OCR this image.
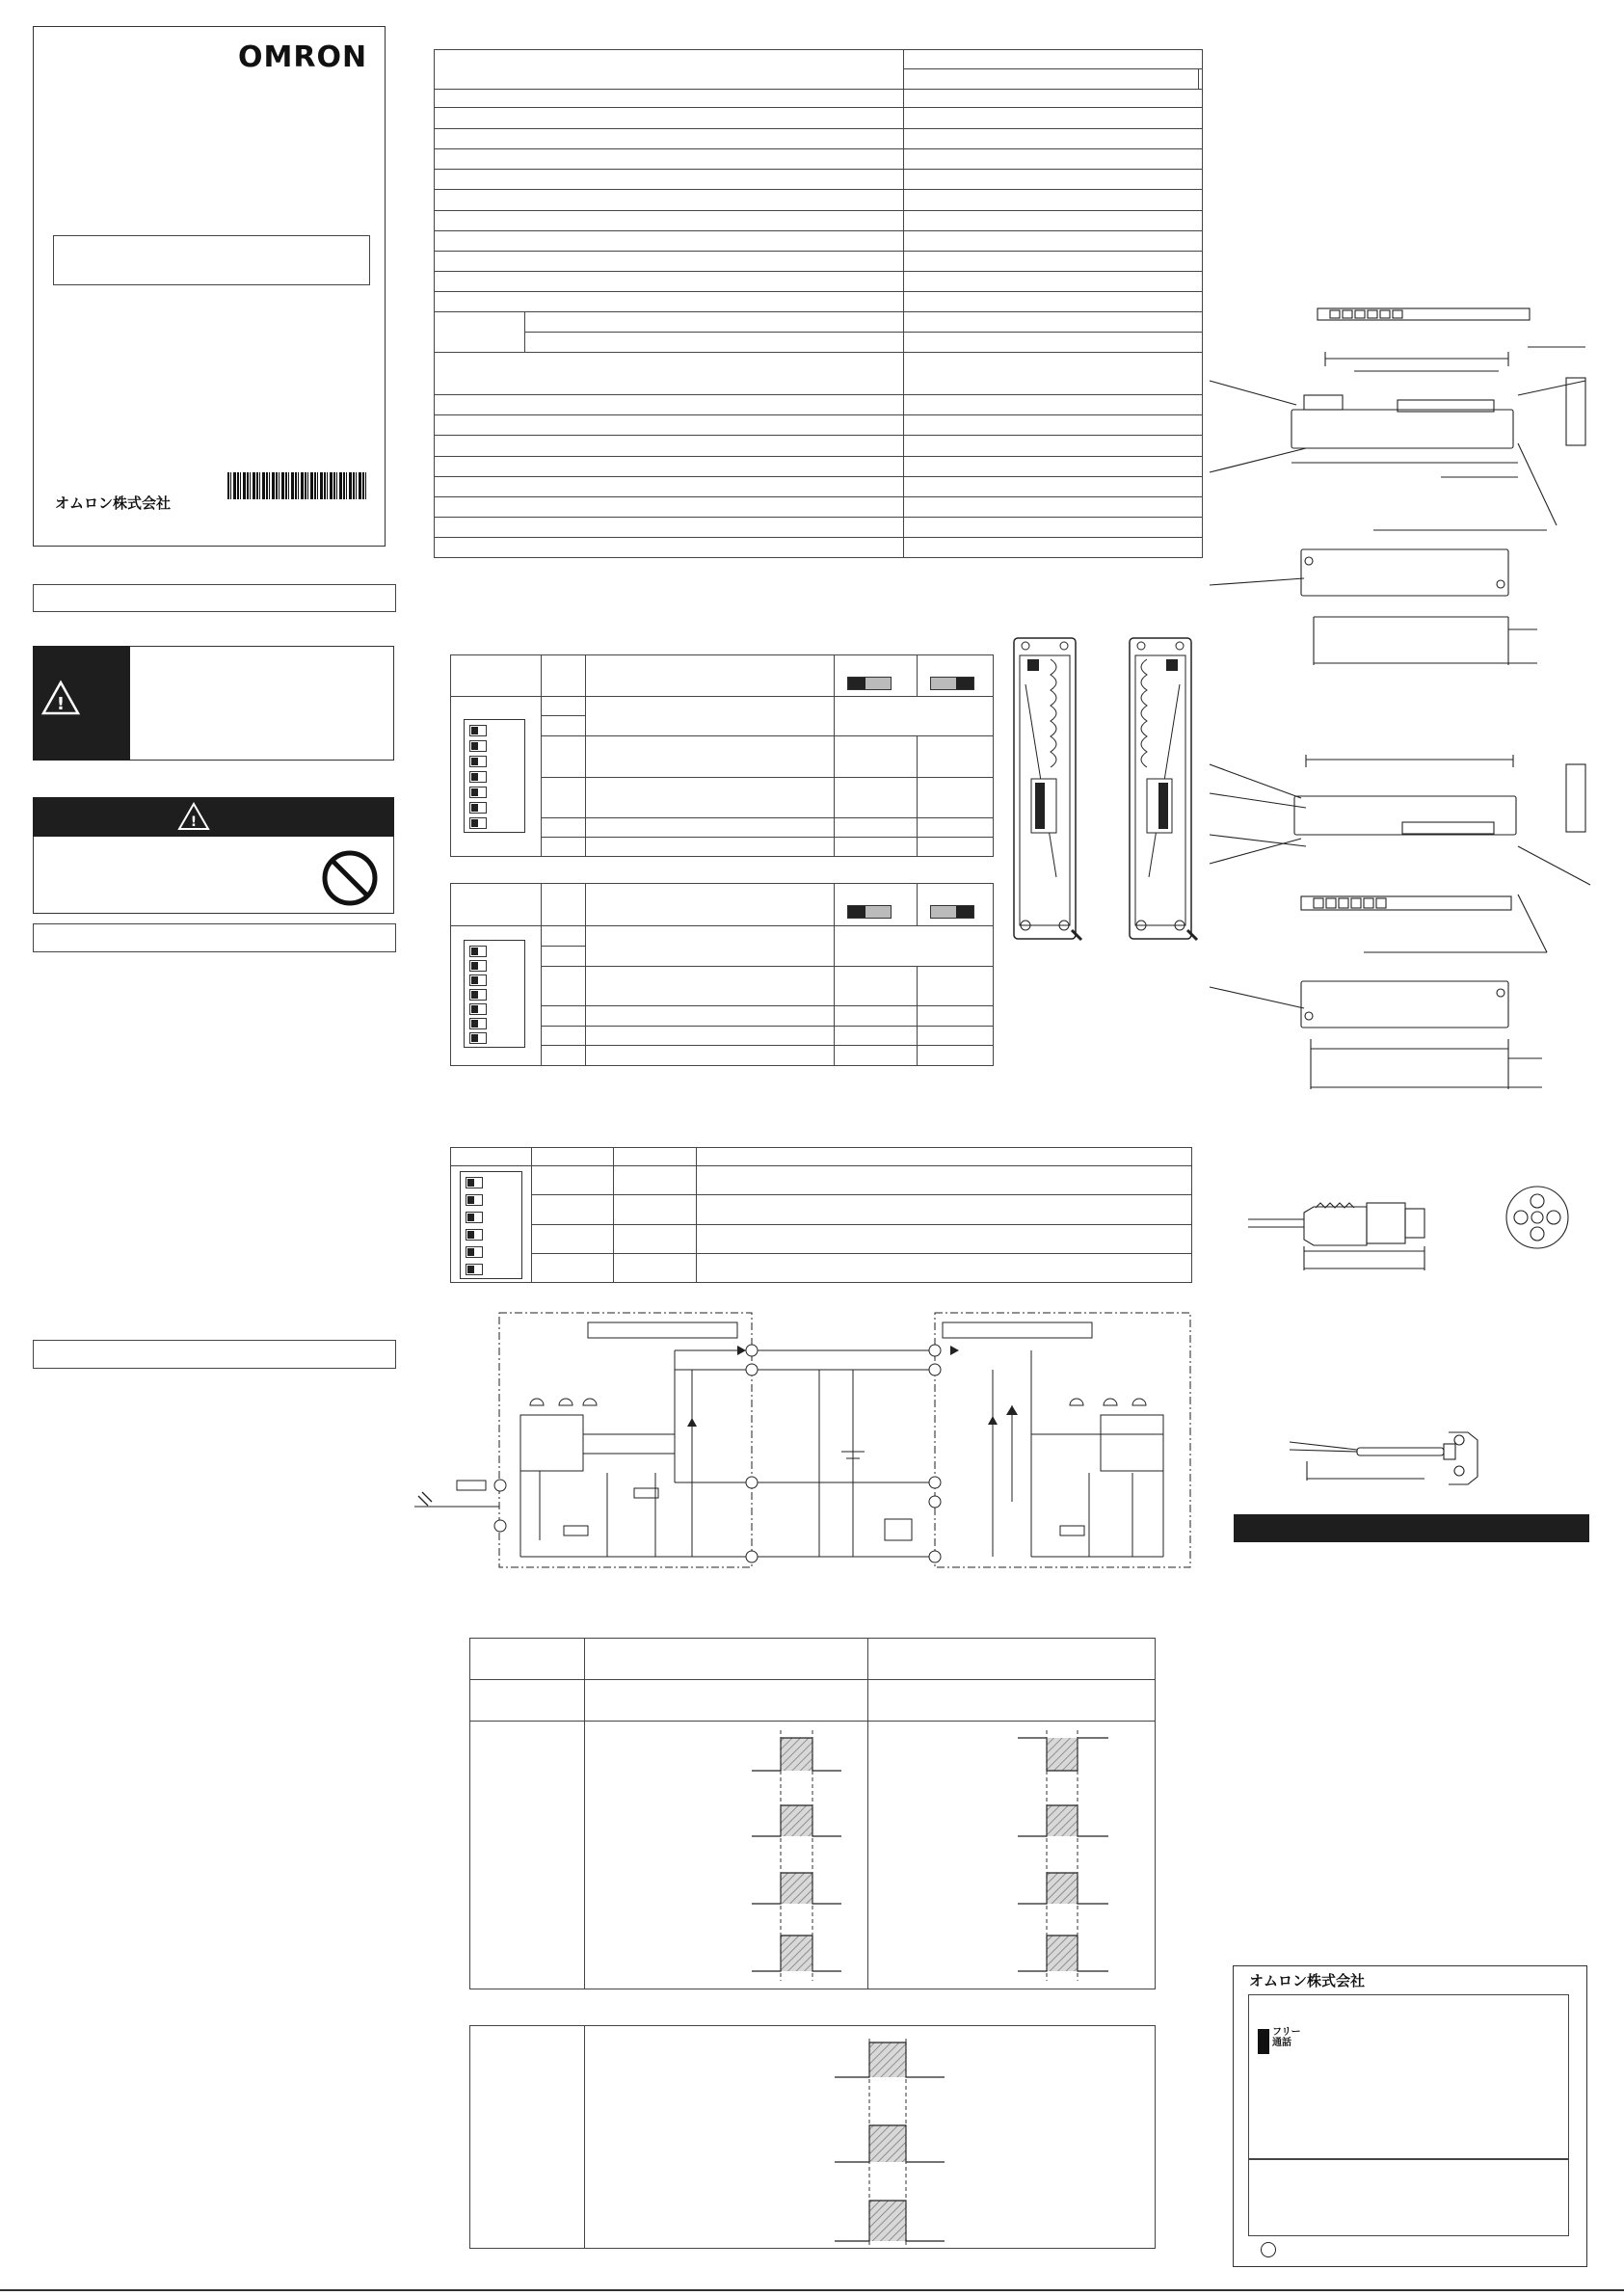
OMRON
オムロン株式会社
!
!

オムロン株式会社
フリー
通話
